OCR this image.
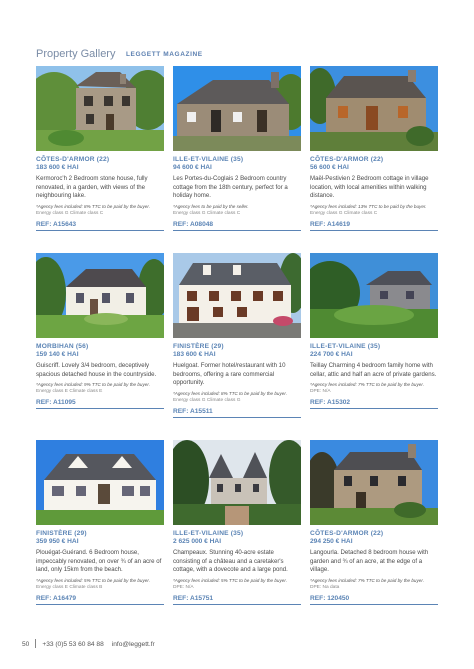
Property Gallery LEGGETT MAGAZINE
CÔTES-D'ARMOR (22)
183 600 € HAI
Kermoroc'h 2 Bedroom stone house, fully renovated, in a garden, with views of the neighbouring lake.
*Agency fees included: 8% TTC to be paid by the buyer.
Energy class G Climate class C
REF: A15643
ILLE-ET-VILAINE (35)
94 600 € HAI
Les Portes-du-Coglais 2 Bedroom country cottage from the 18th century, perfect for a holiday home.
*Agency fees to be paid by the seller.
Energy class G Climate class C
REF: A08048
CÔTES-D'ARMOR (22)
56 600 € HAI
Maël-Pestivien 2 Bedroom cottage in village location, with local amenities within walking distance.
*Agency fees included: 13% TTC to be paid by the buyer.
Energy class G Climate class C
REF: A14619
MORBIHAN (56)
159 140 € HAI
Guiscriff. Lovely 3/4 bedroom, deceptively spacious detached house in the countryside.
*Agency fees included: 9% TTC to be paid by the buyer.
Energy class E Climate class E
REF: A11095
FINISTÈRE (29)
183 600 € HAI
Huelgoat. Former hotel/restaurant with 10 bedrooms, offering a rare commercial opportunity.
*Agency fees included: 8% TTC to be paid by the buyer.
Energy class G Climate class G
REF: A15511
ILLE-ET-VILAINE (35)
224 700 € HAI
Teillay Charming 4 bedroom family home with cellar, attic and half an acre of private gardens.
*Agency fees included: 7% TTC to be paid by the buyer.
DPE: N/A
REF: A15302
FINISTÈRE (29)
359 950 € HAI
Plouégat-Guérand. 6 Bedroom house, impeccably renovated, on over ¾ of an acre of land, only 15km from the beach.
*Agency fees included: 5% TTC to be paid by the buyer.
Energy class E Climate class B
REF: A16479
ILLE-ET-VILAINE (35)
2 625 000 € HAI
Champeaux. Stunning 40-acre estate consisting of a château and a caretaker's cottage, with a dovecote and a large pond.
*Agency fees included: 5% TTC to be paid by the buyer.
DPE: N/A
REF: A15751
CÔTES-D'ARMOR (22)
294 250 € HAI
Langourla. Detached 8 bedroom house with garden and ¾ of an acre, at the edge of a village.
*Agency fees included: 7% TTC to be paid by the buyer.
DPE: Na data
REF: 120450
50 +33 (0)5 53 60 84 88 info@leggett.fr
